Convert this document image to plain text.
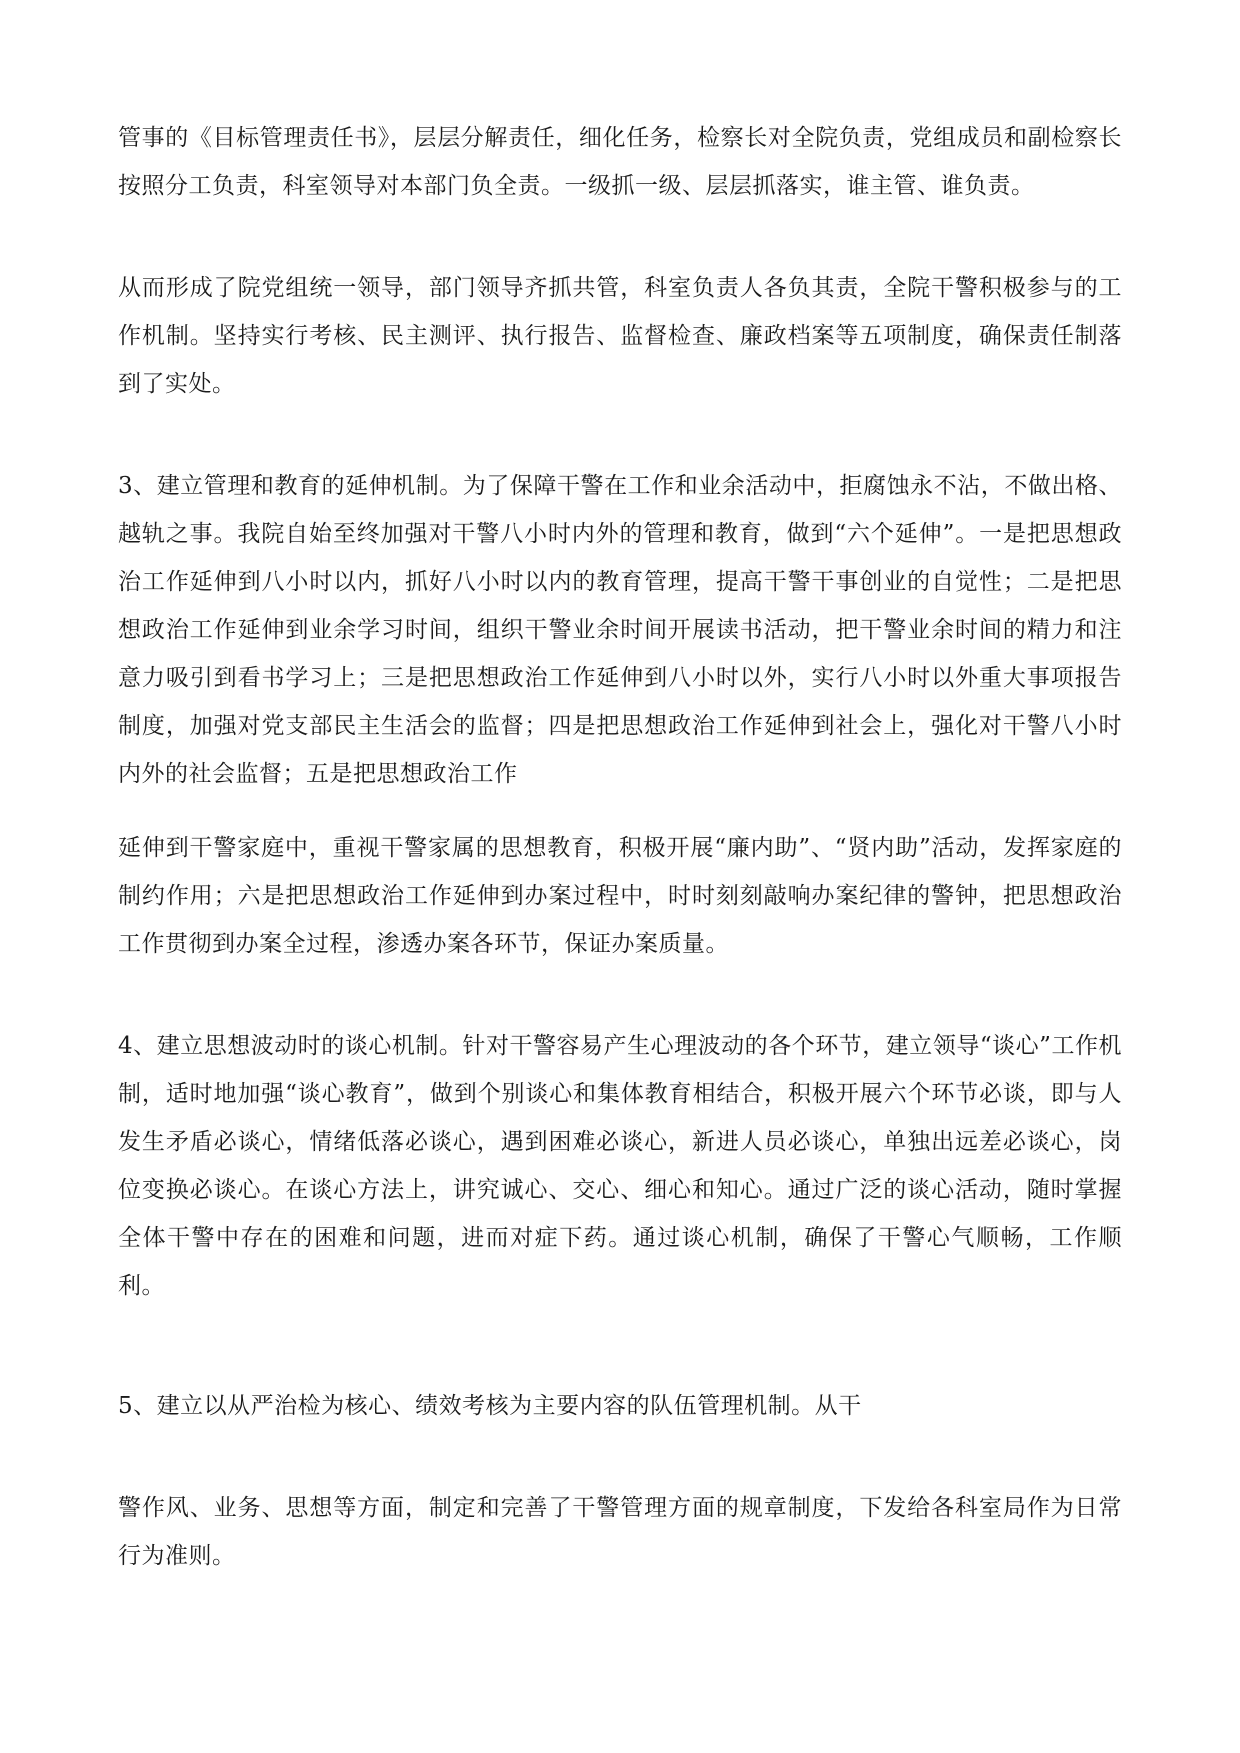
管事的《目标管理责任书》，层层分解责任，细化任务，检察长对全院负责，党组成员和副检察长按照分工负责，科室领导对本部门负全责。一级抓一级、层层抓落实，谁主管、谁负责。

从而形成了院党组统一领导，部门领导齐抓共管，科室负责人各负其责，全院干警积极参与的工作机制。坚持实行考核、民主测评、执行报告、监督检查、廉政档案等五项制度，确保责任制落到了实处。

3、建立管理和教育的延伸机制。为了保障干警在工作和业余活动中，拒腐蚀永不沾，不做出格、越轨之事。我院自始至终加强对干警八小时内外的管理和教育，做到“六个延伸”。一是把思想政治工作延伸到八小时以内，抓好八小时以内的教育管理，提高干警干事创业的自觉性；二是把思想政治工作延伸到业余学习时间，组织干警业余时间开展读书活动，把干警业余时间的精力和注意力吸引到看书学习上；三是把思想政治工作延伸到八小时以外，实行八小时以外重大事项报告制度，加强对党支部民主生活会的监督；四是把思想政治工作延伸到社会上，强化对干警八小时内外的社会监督；五是把思想政治工作

延伸到干警家庭中，重视干警家属的思想教育，积极开展“廉内助”、“贤内助”活动，发挥家庭的制约作用；六是把思想政治工作延伸到办案过程中，时时刻刻敲响办案纪律的警钟，把思想政治工作贯彻到办案全过程，渗透办案各环节，保证办案质量。

4、建立思想波动时的谈心机制。针对干警容易产生心理波动的各个环节，建立领导“谈心”工作机制，适时地加强“谈心教育”，做到个别谈心和集体教育相结合，积极开展六个环节必谈，即与人发生矛盾必谈心，情绪低落必谈心，遇到困难必谈心，新进人员必谈心，单独出远差必谈心，岗位变换必谈心。在谈心方法上，讲究诚心、交心、细心和知心。通过广泛的谈心活动，随时掌握全体干警中存在的困难和问题，进而对症下药。通过谈心机制，确保了干警心气顺畅，工作顺利。

5、建立以从严治检为核心、绩效考核为主要内容的队伍管理机制。从干

警作风、业务、思想等方面，制定和完善了干警管理方面的规章制度，下发给各科室局作为日常行为准则。
